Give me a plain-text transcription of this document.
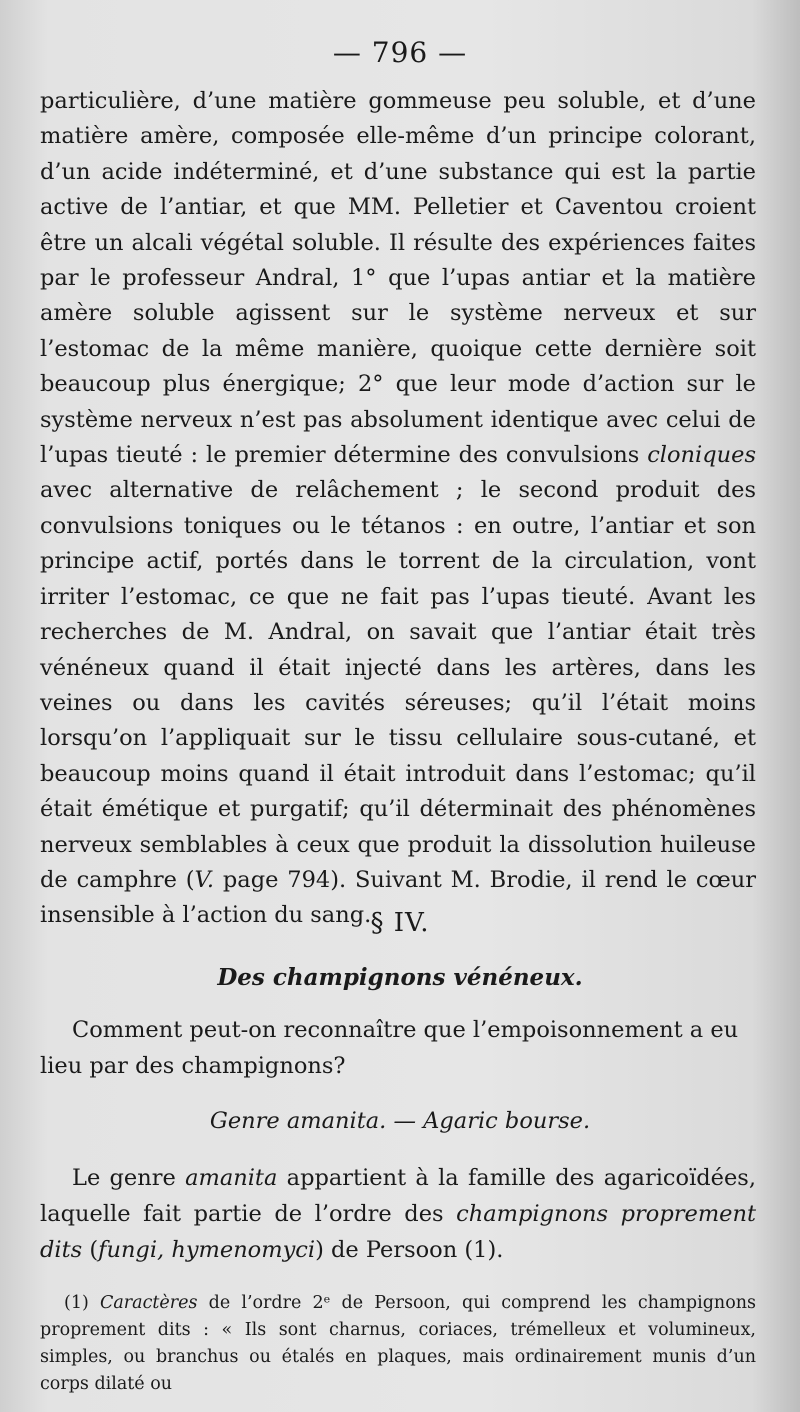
— 796 —

particulière, d’une matière gommeuse peu soluble, et d’une matière amère, composée elle-même d’un principe colorant, d’un acide indéterminé, et d’une substance qui est la partie active de l’antiar, et que MM. Pelletier et Caventou croient être un alcali végétal soluble. Il résulte des expériences faites par le professeur Andral, 1° que l’upas antiar et la matière amère soluble agissent sur le système nerveux et sur l’estomac de la même manière, quoique cette dernière soit beaucoup plus énergique; 2° que leur mode d’action sur le système nerveux n’est pas absolument identique avec celui de l’upas tieuté : le premier détermine des convulsions cloniques avec alternative de relâchement ; le second produit des convulsions toniques ou le tétanos : en outre, l’antiar et son principe actif, portés dans le torrent de la circulation, vont irriter l’estomac, ce que ne fait pas l’upas tieuté. Avant les recherches de M. Andral, on savait que l’antiar était très vénéneux quand il était injecté dans les artères, dans les veines ou dans les cavités séreuses; qu’il l’était moins lorsqu’on l’appliquait sur le tissu cellulaire sous-cutané, et beaucoup moins quand il était introduit dans l’estomac; qu’il était émétique et purgatif; qu’il déterminait des phénomènes nerveux semblables à ceux que produit la dissolution huileuse de camphre (V. page 794). Suivant M. Brodie, il rend le cœur insensible à l’action du sang. § IV.
Des champignons vénéneux.

Comment peut-on reconnaître que l’empoisonnement a eu lieu par des champignons?

Genre amanita. — Agaric bourse.

Le genre amanita appartient à la famille des agaricoïdées, laquelle fait partie de l’ordre des champignons proprement dits (fungi, hymenomyci) de Persoon (1).

(1) Caractères de l’ordre 2ᵉ de Persoon, qui comprend les champignons proprement dits : « Ils sont charnus, coriaces, trémelleux et volumineux, simples, ou branchus ou étalés en plaques, mais ordinairement munis d’un corps dilaté ou
